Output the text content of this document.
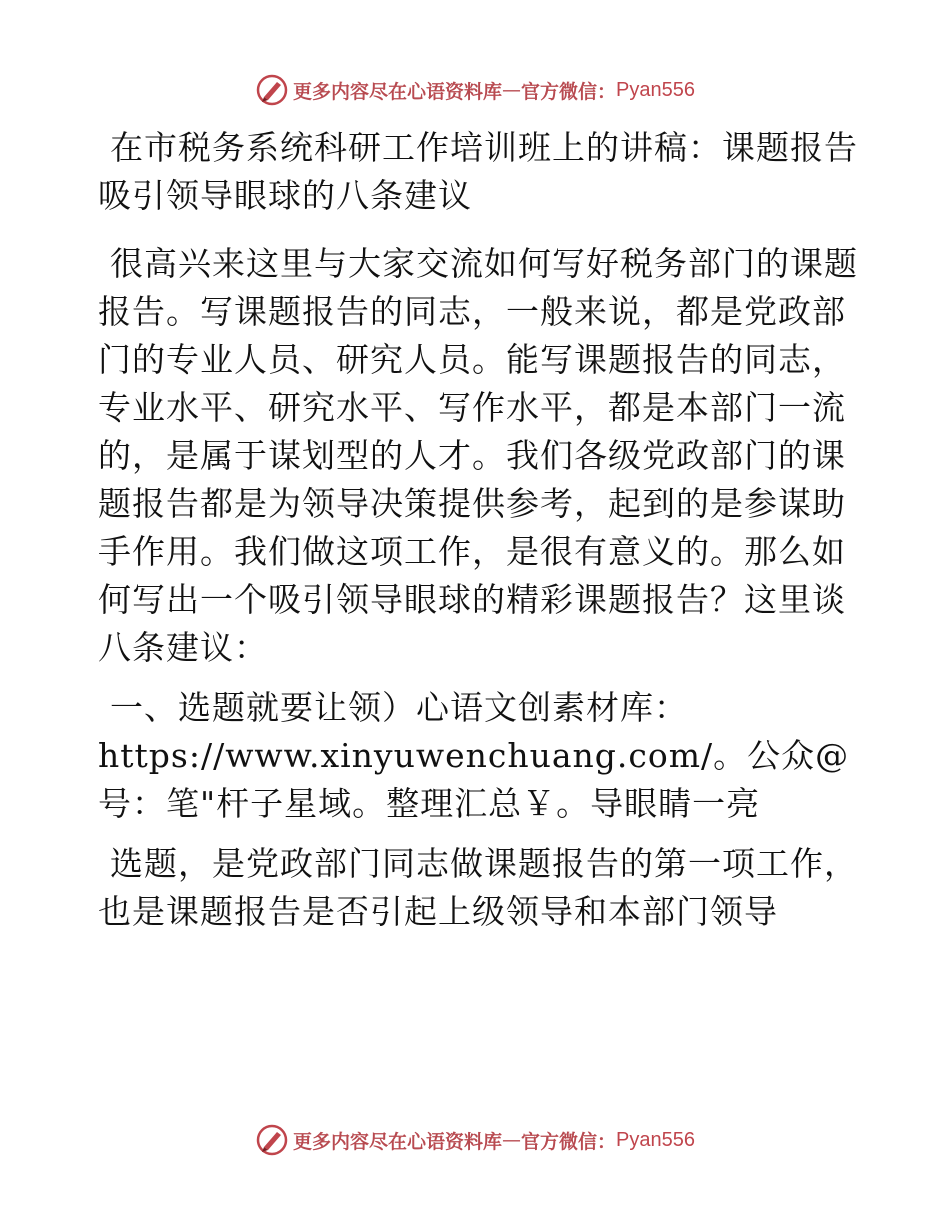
更多内容尽在心语资料库 — 官方微信： Pyan556

在市税务系统科研工作培训班上的讲稿：课题报告吸引领导眼球的八条建议

很高兴来这里与大家交流如何写好税务部门的课题报告。写课题报告的同志，一般来说，都是党政部门的专业人员、研究人员。能写课题报告的同志，专业水平、研究水平、写作水平，都是本部门一流的，是属于谋划型的人才。我们各级党政部门的课题报告都是为领导决策提供参考，起到的是参谋助手作用。我们做这项工作，是很有意义的。那么如何写出一个吸引领导眼球的精彩课题报告？这里谈八条建议：

一、选题就要让领）心语文创素材库：https://www.xinyuwenchuang.com/。公众@号：笔"杆子星域。整理汇总￥。导眼睛一亮

选题，是党政部门同志做课题报告的第一项工作，也是课题报告是否引起上级领导和本部门领导

更多内容尽在心语资料库 — 官方微信： Pyan556
